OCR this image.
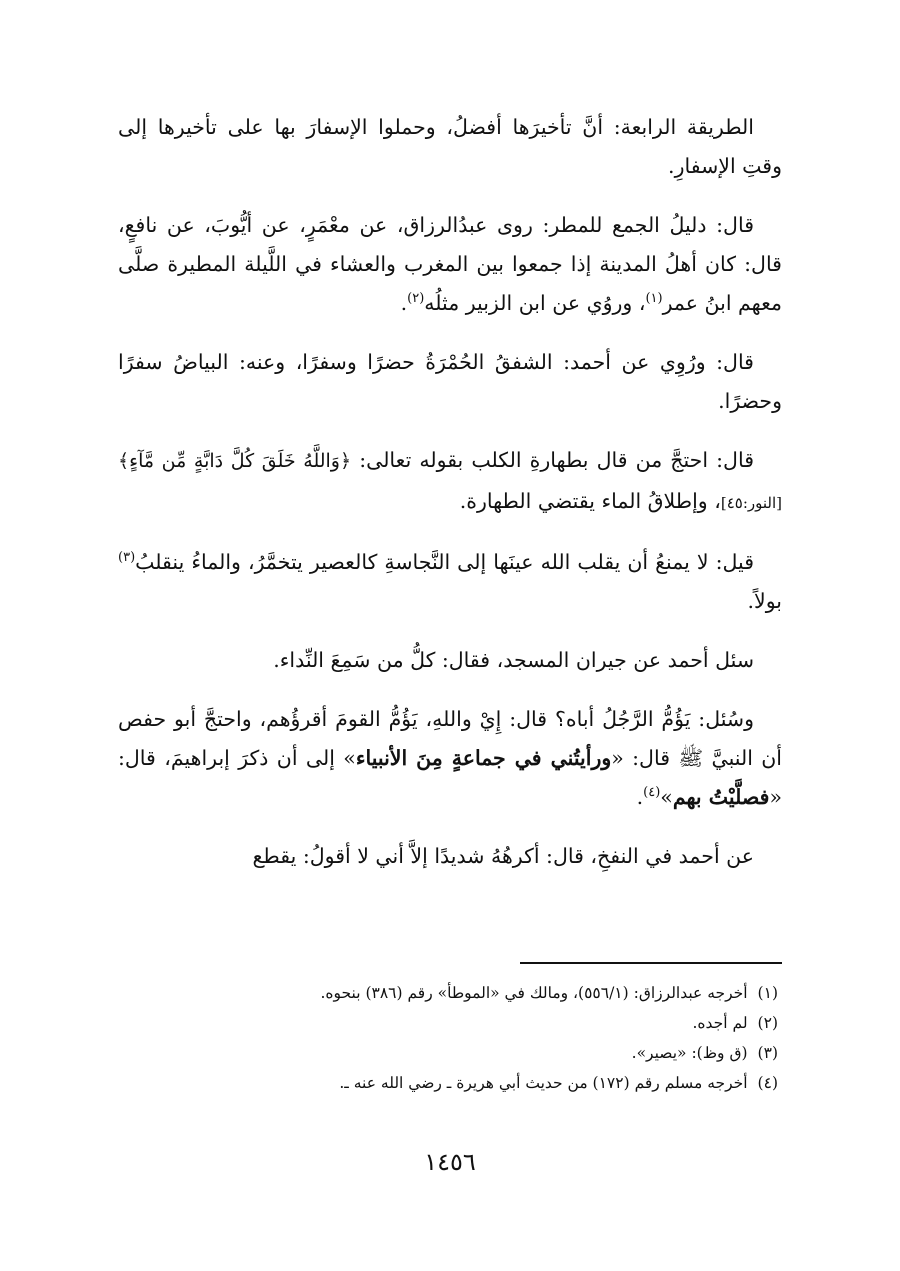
الطريقة الرابعة: أنَّ تأخيرَها أفضلُ، وحملوا الإسفارَ بها على تأخيرها إلى وقتِ الإسفارِ.

قال: دليلُ الجمع للمطر: روى عبدُالرزاق، عن معْمَرٍ، عن أيُّوبَ، عن نافعٍ، قال: كان أهلُ المدينة إذا جمعوا بين المغرب والعشاء في اللَّيلة المطيرة صلَّى معهم ابنُ عمر$^{(١)}$، وروُي عن ابن الزبير مثلُه$^{(٢)}$.

قال: ورُوِي عن أحمد: الشفقُ الحُمْرَةُ حضرًا وسفرًا، وعنه: البياضُ سفرًا وحضرًا.

قال: احتجَّ من قال بطهارةِ الكلب بقوله تعالى: ﴿وَاللَّهُ خَلَقَ كُلَّ دَابَّةٍ مِّن مَّآءٍ﴾ [النور:٤٥]، وإطلاقُ الماء يقتضي الطهارة.
قيل: لا يمنعُ أن يقلب الله عينَها إلى النَّجاسةِ كالعصير يتخمَّرُ، والماءُ ينقلبُ$^{(٣)}$ بولاً.

سئل أحمد عن جيران المسجد، فقال: كلُّ من سَمِعَ النِّداء.

وسُئل: يَؤُمُّ الرَّجُلُ أباه؟ قال: إِيْ واللهِ، يَؤُمُّ القومَ أقرؤُهم، واحتجَّ أبو حفص أن النبيَّ ﷺ قال: «ورأيتُني في جماعةٍ مِنَ الأنبياء» إلى أن ذكرَ إبراهيمَ، قال: «فصلَّيْتُ بهم»$^{(٤)}$.

عن أحمد في النفخِ، قال: أكرهُهُ شديدًا إلاَّ أني لا أقولُ: يقطع

(١)
أخرجه عبدالرزاق: (٥٥٦/١)، ومالك في «الموطأ» رقم (٣٨٦) بنحوه.
(٢)
لم أجده.
(٣)
(ق وظ): «يصير».
(٤)
أخرجه مسلم رقم (١٧٢) من حديث أبي هريرة ـ رضي الله عنه ـ.
١٤٥٦
